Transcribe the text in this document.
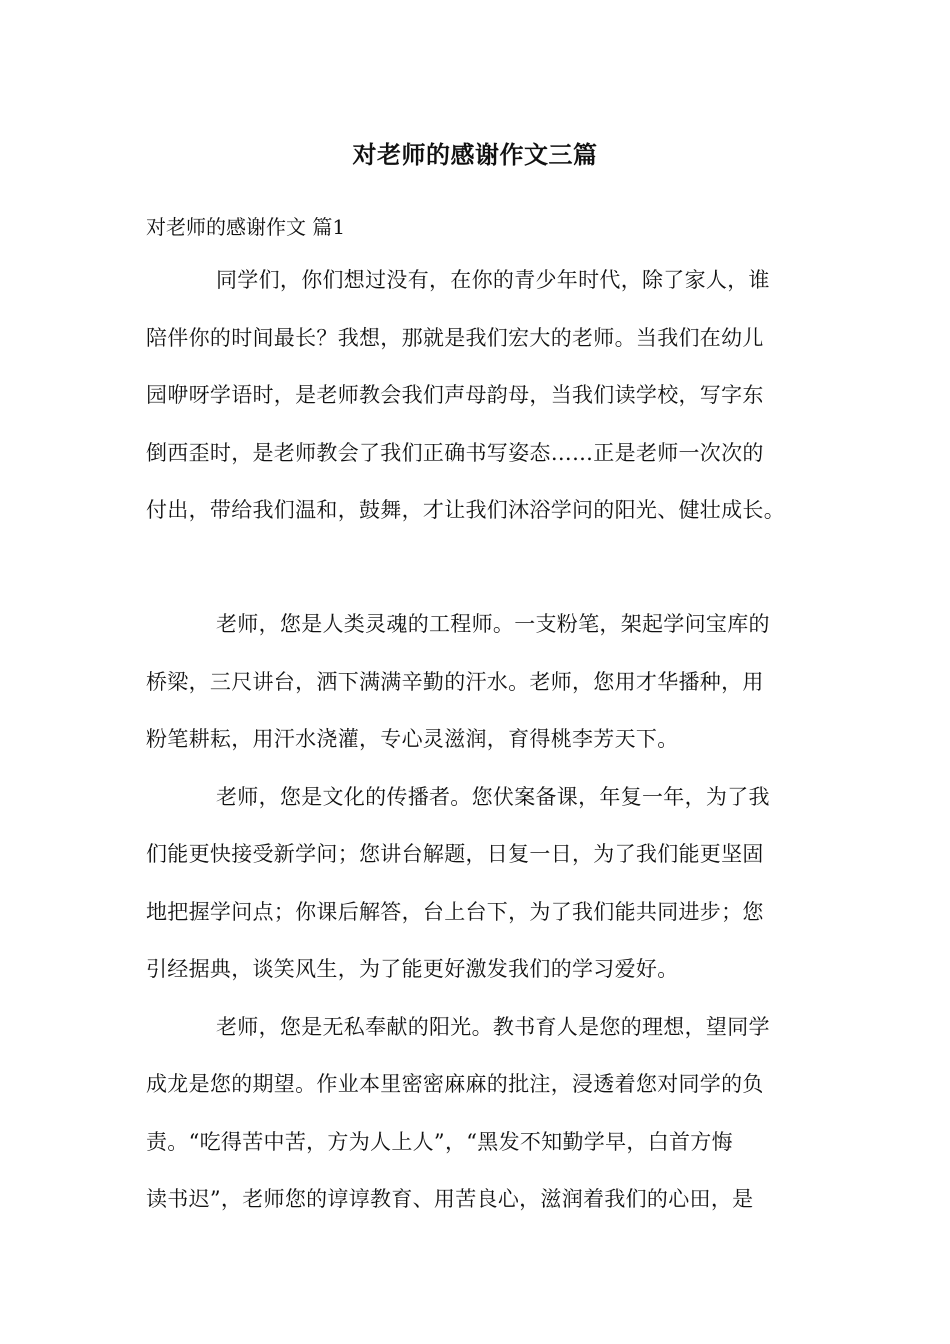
对老师的感谢作文三篇
对老师的感谢作文 篇1
同学们，你们想过没有，在你的青少年时代，除了家人，谁
陪伴你的时间最长？我想，那就是我们宏大的老师。当我们在幼儿
园咿呀学语时，是老师教会我们声母韵母，当我们读学校，写字东
倒西歪时，是老师教会了我们正确书写姿态……正是老师一次次的
付出，带给我们温和，鼓舞，才让我们沐浴学问的阳光、健壮成长。
老师，您是人类灵魂的工程师。一支粉笔，架起学问宝库的
桥梁，三尺讲台，洒下满满辛勤的汗水。老师，您用才华播种，用
粉笔耕耘，用汗水浇灌，专心灵滋润，育得桃李芳天下。
老师，您是文化的传播者。您伏案备课，年复一年，为了我
们能更快接受新学问；您讲台解题，日复一日，为了我们能更坚固
地把握学问点；你课后解答，台上台下，为了我们能共同进步；您
引经据典，谈笑风生，为了能更好激发我们的学习爱好。
老师，您是无私奉献的阳光。教书育人是您的理想，望同学
成龙是您的期望。作业本里密密麻麻的批注，浸透着您对同学的负
责。“吃得苦中苦，方为人上人”，“黑发不知勤学早，白首方悔
读书迟”，老师您的谆谆教育、用苦良心，滋润着我们的心田，是
